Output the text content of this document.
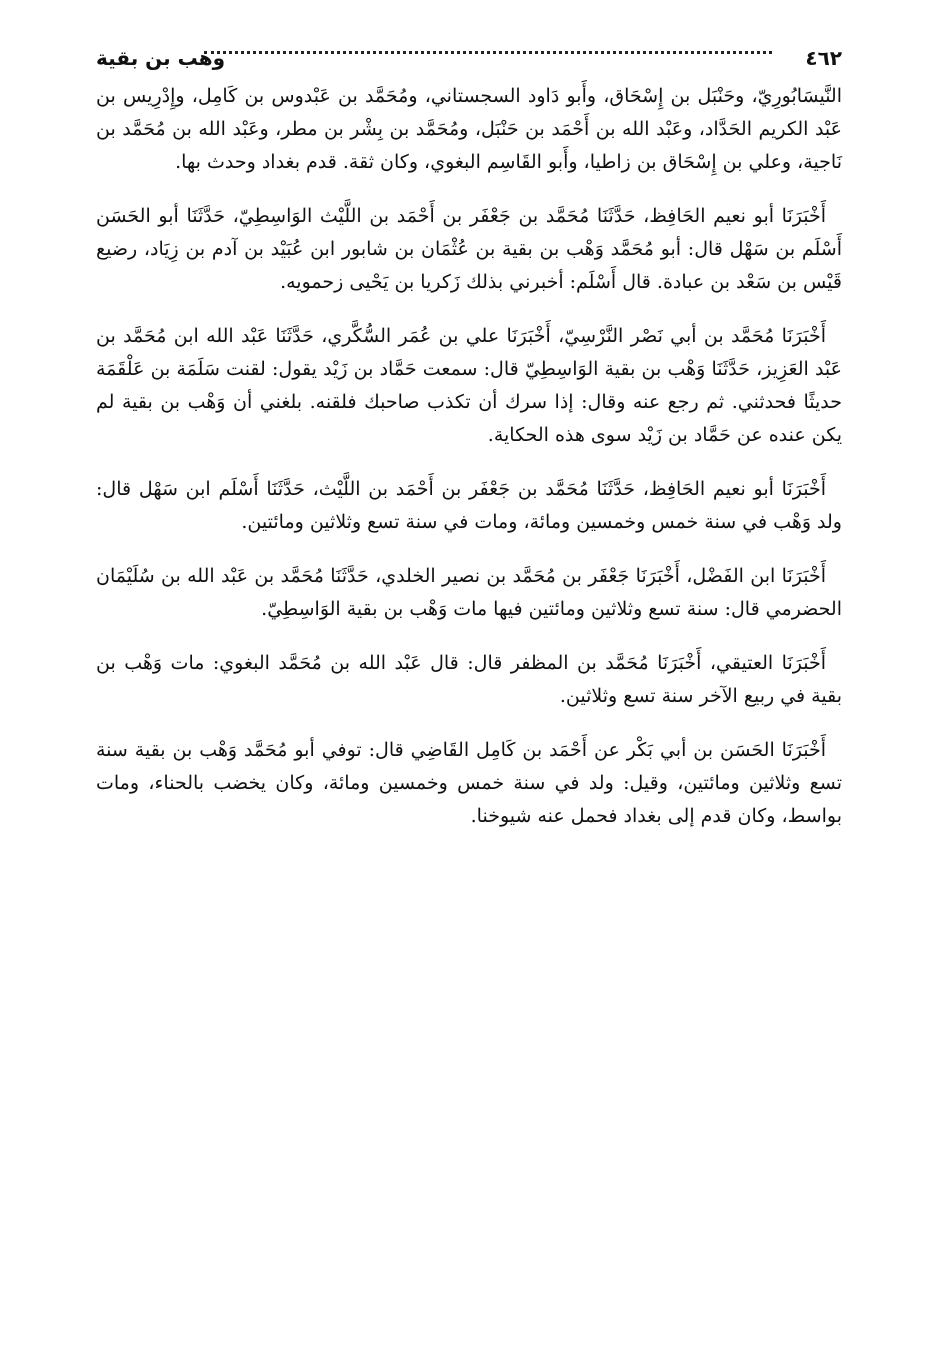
٤٦٢
وهب بن بقية

النَّيسَابُورِيّ، وحَنْبَل بن إِسْحَاق، وأَبو دَاود السجستاني، ومُحَمَّد بن عَبْدوس بن كَامِل، وإِدْرِيس بن عَبْد الكريم الحَدَّاد، وعَبْد الله بن أَحْمَد بن حَنْبَل، ومُحَمَّد بن بِشْر بن مطر، وعَبْد الله بن مُحَمَّد بن نَاجية، وعلي بن إِسْحَاق بن زاطيا، وأَبو القَاسِم البغوي، وكان ثقة. قدم بغداد وحدث بها.

أَخْبَرَنَا أبو نعيم الحَافِظ، حَدَّثَنَا مُحَمَّد بن جَعْفَر بن أَحْمَد بن اللَّيْث الوَاسِطِيّ، حَدَّثَنَا أبو الحَسَن أَسْلَم بن سَهْل قال: أبو مُحَمَّد وَهْب بن بقية بن عُثْمَان بن شابور ابن عُبَيْد بن آدم بن زِيَاد، رضيع قَيْس بن سَعْد بن عبادة. قال أَسْلَم: أخبرني بذلك زَكريا بن يَحْيى زحمويه.

أَخْبَرَنَا مُحَمَّد بن أبي نَصْر النَّرْسِيّ، أَخْبَرَنَا علي بن عُمَر السُّكَّري، حَدَّثَنَا عَبْد الله ابن مُحَمَّد بن عَبْد العَزِيز، حَدَّثَنَا وَهْب بن بقية الوَاسِطِيّ قال: سمعت حَمَّاد بن زَيْد يقول: لقنت سَلَمَة بن عَلْقَمَة حديثًا فحدثني. ثم رجع عنه وقال: إذا سرك أن تكذب صاحبك فلقنه. بلغني أن وَهْب بن بقية لم يكن عنده عن حَمَّاد بن زَيْد سوى هذه الحكاية.

أَخْبَرَنَا أبو نعيم الحَافِظ، حَدَّثَنَا مُحَمَّد بن جَعْفَر بن أَحْمَد بن اللَّيْث، حَدَّثَنَا أَسْلَم ابن سَهْل قال: ولد وَهْب في سنة خمس وخمسين ومائة، ومات في سنة تسع وثلاثين ومائتين.

أَخْبَرَنَا ابن الفَضْل، أَخْبَرَنَا جَعْفَر بن مُحَمَّد بن نصير الخلدي، حَدَّثَنَا مُحَمَّد بن عَبْد الله بن سُلَيْمَان الحضرمي قال: سنة تسع وثلاثين ومائتين فيها مات وَهْب بن بقية الوَاسِطِيّ.

أَخْبَرَنَا العتيقي، أَخْبَرَنَا مُحَمَّد بن المظفر قال: قال عَبْد الله بن مُحَمَّد البغوي: مات وَهْب بن بقية في ربيع الآخر سنة تسع وثلاثين.

أَخْبَرَنَا الحَسَن بن أبي بَكْر عن أَحْمَد بن كَامِل القَاضِي قال: توفي أبو مُحَمَّد وَهْب بن بقية سنة تسع وثلاثين ومائتين، وقيل: ولد في سنة خمس وخمسين ومائة، وكان يخضب بالحناء، ومات بواسط، وكان قدم إلى بغداد فحمل عنه شيوخنا.
